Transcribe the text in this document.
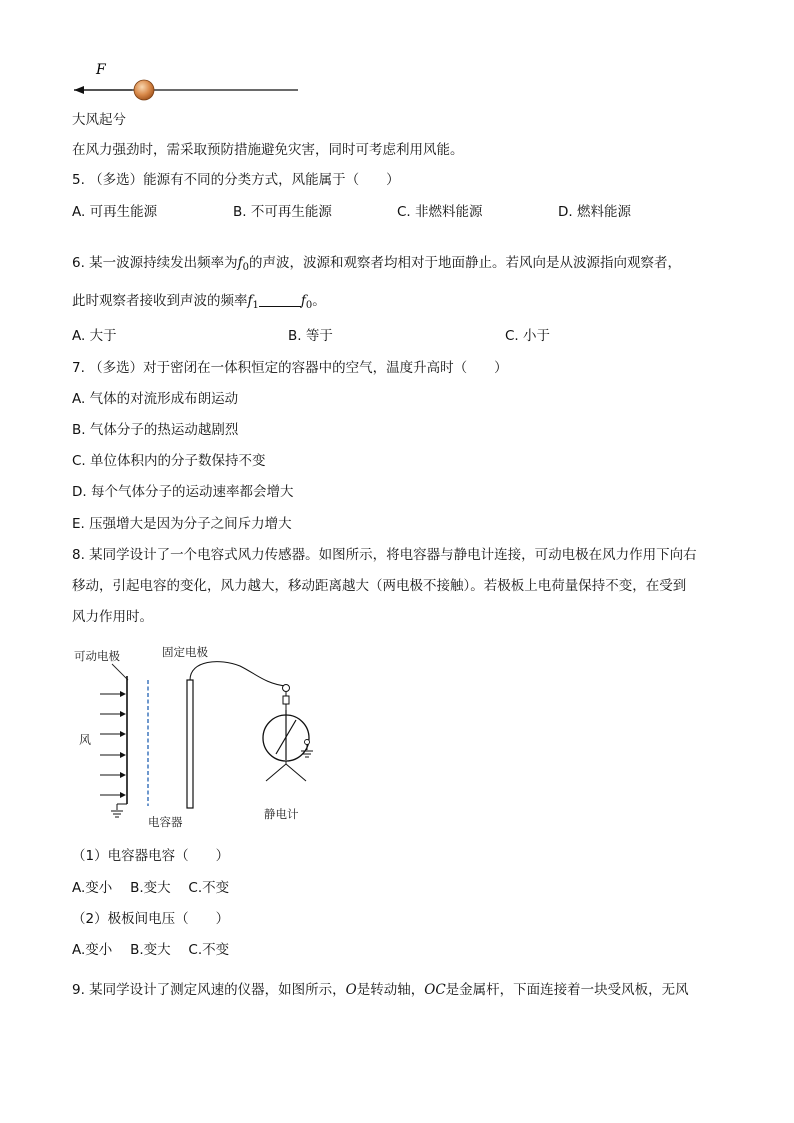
F
大风起兮
在风力强劲时，需采取预防措施避免灾害，同时可考虑利用风能。
5. （多选）能源有不同的分类方式，风能属于（　　）
A. 可再生能源	B. 不可再生能源	C. 非燃料能源	D. 燃料能源
6. 某一波源持续发出频率为$f_0$的声波，波源和观察者均相对于地面静止。若风向是从波源指向观察者，
此时观察者接收到声波的频率$f_1$	$f_0$。
A. 大于	B. 等于	C. 小于
7. （多选）对于密闭在一体积恒定的容器中的空气，温度升高时（　　）
A. 气体的对流形成布朗运动
B. 气体分子的热运动越剧烈
C. 单位体积内的分子数保持不变
D. 每个气体分子的运动速率都会增大
E. 压强增大是因为分子之间斥力增大
8. 某同学设计了一个电容式风力传感器。如图所示，将电容器与静电计连接，可动电极在风力作用下向右
移动，引起电容的变化，风力越大，移动距离越大（两电极不接触）。若极板上电荷量保持不变，在受到
风力作用时。
可动电极	固定电极
风
电容器
静电计
（1）电容器电容（　　）
A.变小　 B.变大　 C.不变
（2）极板间电压（　　）
A.变小　 B.变大　 C.不变
9. 某同学设计了测定风速的仪器，如图所示，O是转动轴，OC是金属杆，下面连接着一块受风板，无风
